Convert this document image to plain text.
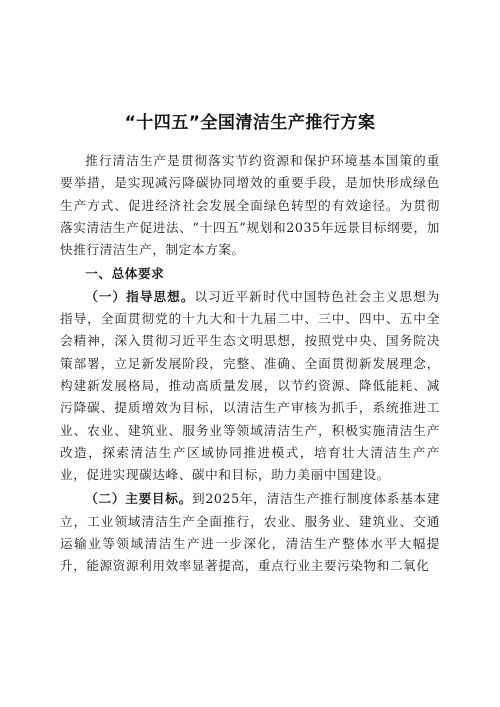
“十四五”全国清洁生产推行方案

推行清洁生产是贯彻落实节约资源和保护环境基本国策的重要举措，是实现减污降碳协同增效的重要手段，是加快形成绿色生产方式、促进经济社会发展全面绿色转型的有效途径。为贯彻落实清洁生产促进法、“十四五”规划和2035年远景目标纲要，加快推行清洁生产，制定本方案。

一、总体要求

（一）指导思想。以习近平新时代中国特色社会主义思想为指导，全面贯彻党的十九大和十九届二中、三中、四中、五中全会精神，深入贯彻习近平生态文明思想，按照党中央、国务院决策部署，立足新发展阶段，完整、准确、全面贯彻新发展理念，构建新发展格局，推动高质量发展，以节约资源、降低能耗、减污降碳、提质增效为目标，以清洁生产审核为抓手，系统推进工业、农业、建筑业、服务业等领域清洁生产，积极实施清洁生产改造，探索清洁生产区域协同推进模式，培育壮大清洁生产产业，促进实现碳达峰、碳中和目标，助力美丽中国建设。

（二）主要目标。到2025年，清洁生产推行制度体系基本建立，工业领域清洁生产全面推行，农业、服务业、建筑业、交通运输业等领域清洁生产进一步深化，清洁生产整体水平大幅提升，能源资源利用效率显著提高，重点行业主要污染物和二氧化
